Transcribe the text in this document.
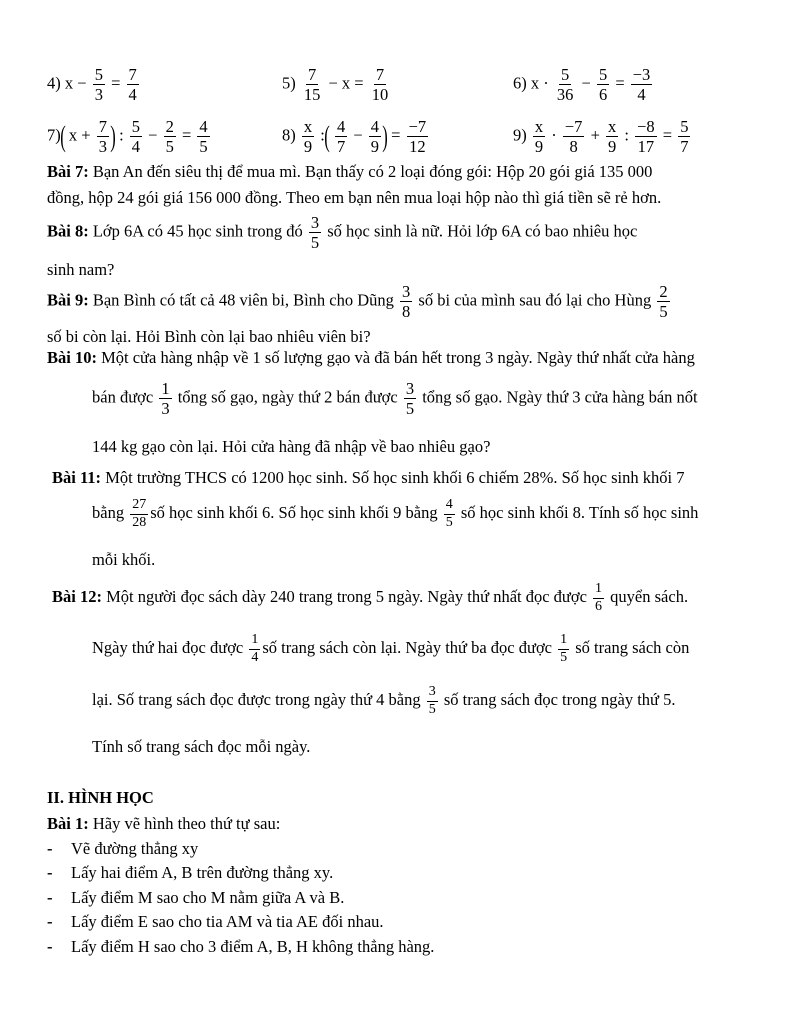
4) $x - \frac{5}{3} = \frac{7}{4}$	$5) \frac{7}{15} - x = \frac{7}{10}$	6) $x \cdot \frac{5}{36} - \frac{5}{6} = \frac{-3}{4}$
7)( $x + \frac{7}{3}$ ) : $\frac{5}{4} - \frac{2}{5} = \frac{4}{5}$	$8) \frac{x}{9}$ :( $\frac{4}{7} - \frac{4}{9}$ ) = $\frac{-7}{12}$	$9) \frac{x}{9} \cdot \frac{-7}{8} + \frac{x}{9}$ : $\frac{-8}{17} = \frac{5}{7}$
Bài 7: Bạn An đến siêu thị để mua mì. Bạn thấy có 2 loại đóng gói: Hộp 20 gói giá 135 000
đồng, hộp 24 gói giá 156 000 đồng. Theo em bạn nên mua loại hộp nào thì giá tiền sẽ rẻ hơn.
Bài 8: Lớp 6A có 45 học sinh trong đó $\frac{3}{5}$ số học sinh là nữ. Hỏi lớp 6A có bao nhiêu học
sinh nam?
Bài 9: Bạn Bình có tất cả 48 viên bi, Bình cho Dũng $\frac{3}{8}$ số bi của mình sau đó lại cho Hùng $\frac{2}{5}$
số bi còn lại. Hỏi Bình còn lại bao nhiêu viên bi?
Bài 10: Một cửa hàng nhập về 1 số lượng gạo và đã bán hết trong 3 ngày. Ngày thứ nhất cửa hàng
bán được $\frac{1}{3}$ tổng số gạo, ngày thứ 2 bán được $\frac{3}{5}$ tổng số gạo. Ngày thứ 3 cửa hàng bán nốt
144 kg gạo còn lại. Hỏi cửa hàng đã nhập về bao nhiêu gạo?
Bài 11: Một trường THCS có 1200 học sinh. Số học sinh khối 6 chiếm 28%. Số học sinh khối 7
bằng $\frac{27}{28}$ số học sinh khối 6. Số học sinh khối 9 bằng $\frac{4}{5}$ số học sinh khối 8. Tính số học sinh
mỗi khối.
Bài 12: Một người đọc sách dày 240 trang trong 5 ngày. Ngày thứ nhất đọc được $\frac{1}{6}$ quyển sách.
Ngày thứ hai đọc được $\frac{1}{4}$ số trang sách còn lại. Ngày thứ ba đọc được $\frac{1}{5}$ số trang sách còn
lại. Số trang sách đọc được trong ngày thứ 4 bằng $\frac{3}{5}$ số trang sách đọc trong ngày thứ 5.
Tính số trang sách đọc mỗi ngày.
II. HÌNH HỌC
Bài 1: Hãy vẽ hình theo thứ tự sau:
- Vẽ đường thẳng xy
- Lấy hai điểm A, B trên đường thẳng xy.
- Lấy điểm M sao cho M nằm giữa A và B.
- Lấy điểm E sao cho tia AM và tia AE đối nhau.
- Lấy điểm H sao cho 3 điểm A, B, H không thẳng hàng.
